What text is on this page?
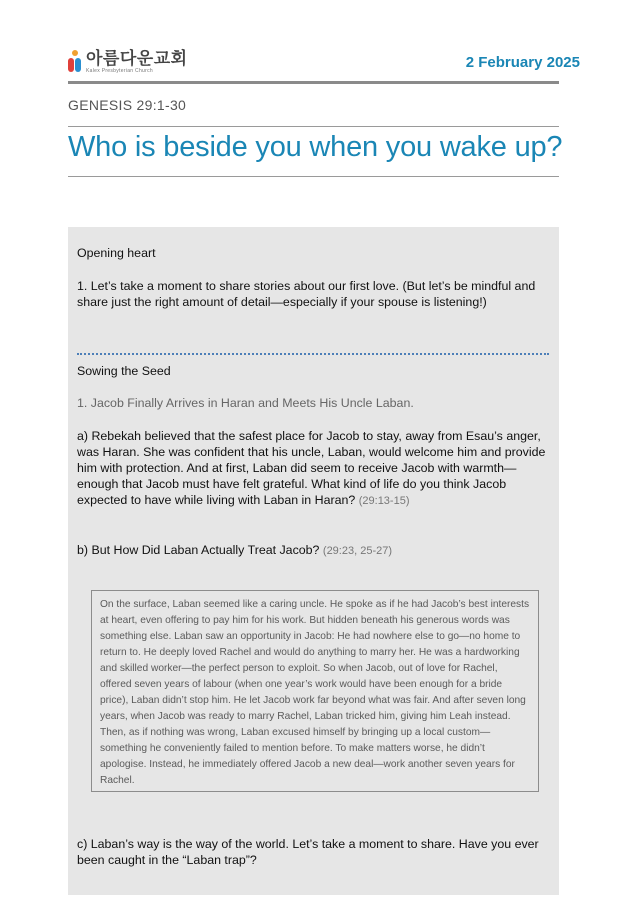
아름다운교회
Kalex Presbyterian Church	2 February 2025
GENESIS 29:1-30
Who is beside you when you wake up?

Opening heart

1. Let’s take a moment to share stories about our first love. (But let’s be mindful and share just the right amount of detail—especially if your spouse is listening!)

Sowing the Seed

1. Jacob Finally Arrives in Haran and Meets His Uncle Laban.

a) Rebekah believed that the safest place for Jacob to stay, away from Esau’s anger, was Haran. She was confident that his uncle, Laban, would welcome him and provide him with protection. And at first, Laban did seem to receive Jacob with warmth—enough that Jacob must have felt grateful. What kind of life do you think Jacob expected to have while living with Laban in Haran? (29:13-15)

b) But How Did Laban Actually Treat Jacob? (29:23, 25-27)

On the surface, Laban seemed like a caring uncle. He spoke as if he had Jacob’s best interests at heart, even offering to pay him for his work. But hidden beneath his generous words was something else. Laban saw an opportunity in Jacob: He had nowhere else to go—no home to return to. He deeply loved Rachel and would do anything to marry her. He was a hardworking and skilled worker—the perfect person to exploit. So when Jacob, out of love for Rachel, offered seven years of labour (when one year’s work would have been enough for a bride price), Laban didn’t stop him. He let Jacob work far beyond what was fair. And after seven long years, when Jacob was ready to marry Rachel, Laban tricked him, giving him Leah instead. Then, as if nothing was wrong, Laban excused himself by bringing up a local custom—something he conveniently failed to mention before. To make matters worse, he didn’t apologise. Instead, he immediately offered Jacob a new deal—work another seven years for Rachel.

c) Laban’s way is the way of the world. Let’s take a moment to share. Have you ever been caught in the “Laban trap”?
